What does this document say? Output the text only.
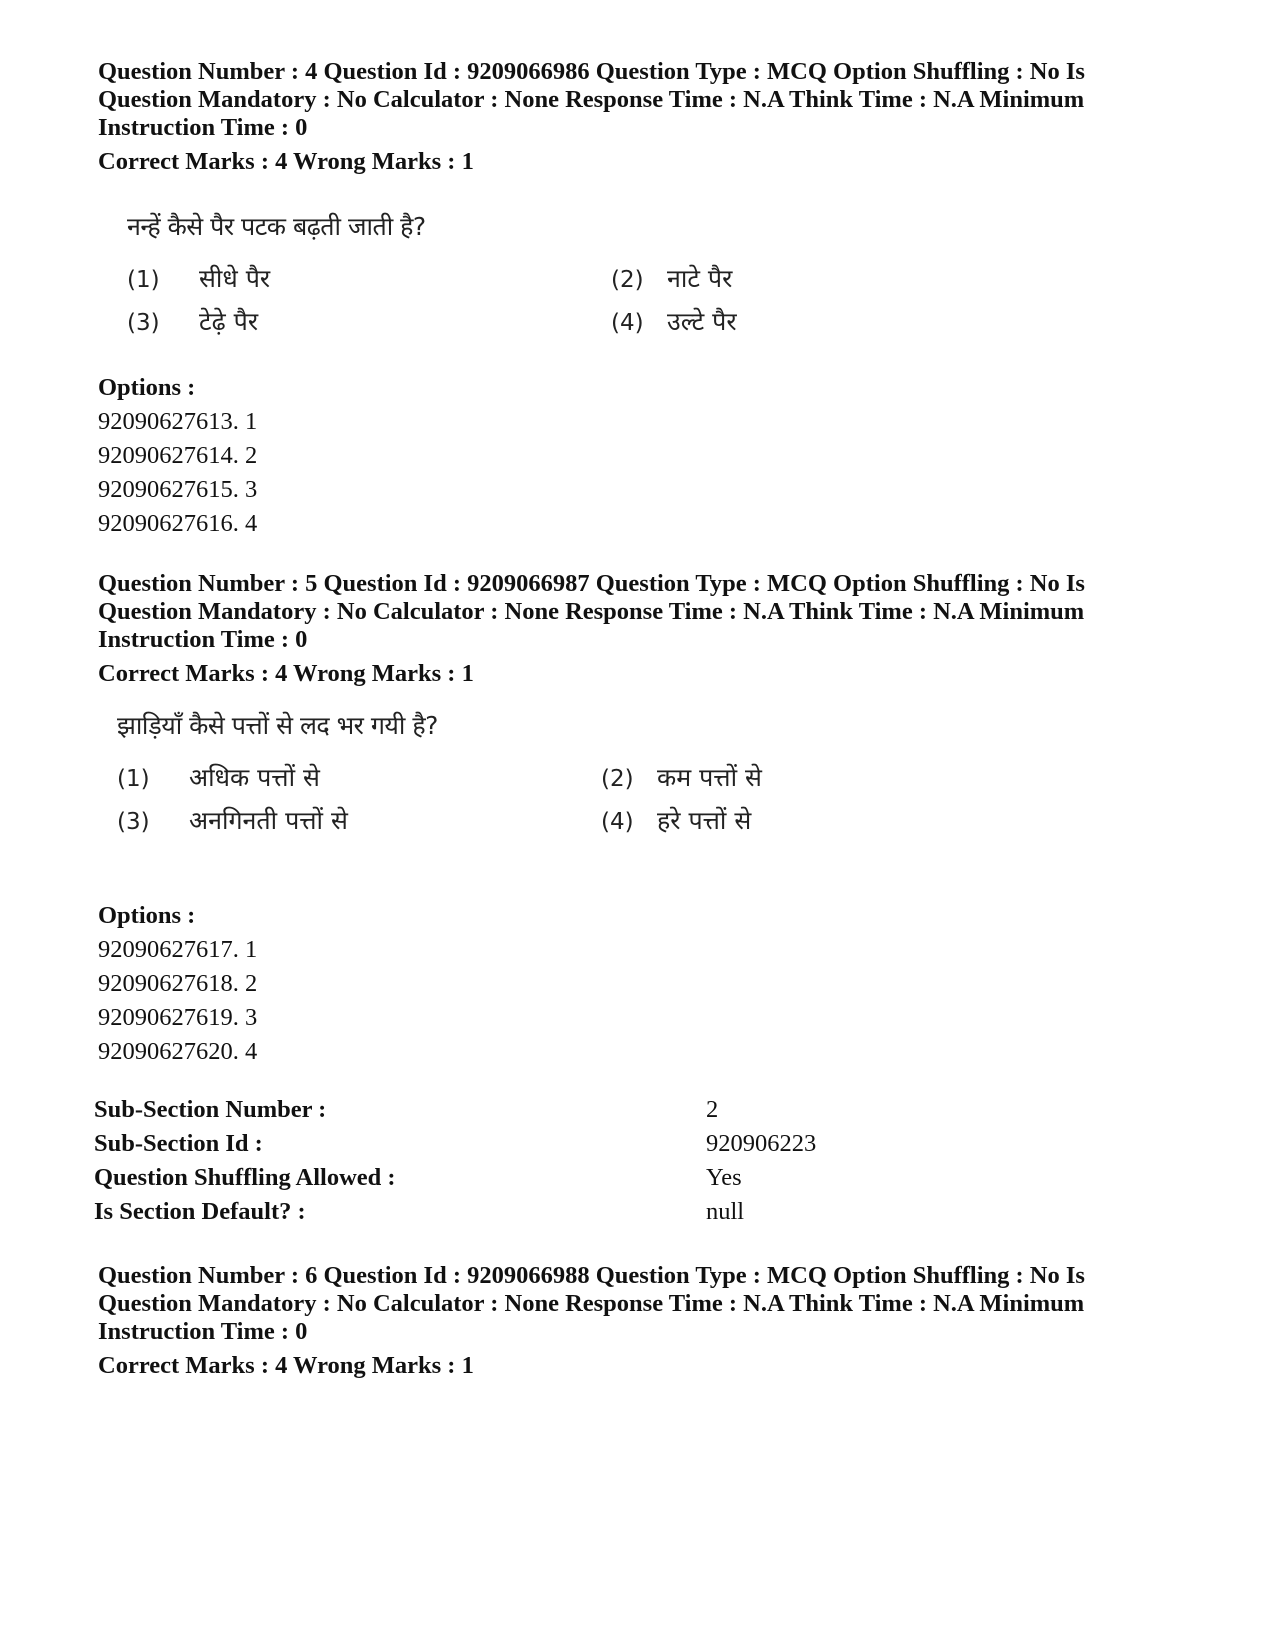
Question Number : 4 Question Id : 9209066986 Question Type : MCQ Option Shuffling : No Is
Question Mandatory : No Calculator : None Response Time : N.A Think Time : N.A Minimum
Instruction Time : 0
Correct Marks : 4 Wrong Marks : 1
नन्हें कैसे पैर पटक बढ़ती जाती है?
(1) सीधे पैर	(2) नाटे पैर
(3) टेढ़े पैर	(4) उल्टे पैर
Options :
92090627613. 1
92090627614. 2
92090627615. 3
92090627616. 4
Question Number : 5 Question Id : 9209066987 Question Type : MCQ Option Shuffling : No Is
Question Mandatory : No Calculator : None Response Time : N.A Think Time : N.A Minimum
Instruction Time : 0
Correct Marks : 4 Wrong Marks : 1
झाड़ियाँ कैसे पत्तों से लद भर गयी है?
(1) अधिक पत्तों से	(2) कम पत्तों से
(3) अनगिनती पत्तों से	(4) हरे पत्तों से
Options :
92090627617. 1
92090627618. 2
92090627619. 3
92090627620. 4
Sub-Section Number :	2
Sub-Section Id :	920906223
Question Shuffling Allowed :	Yes
Is Section Default? :	null
Question Number : 6 Question Id : 9209066988 Question Type : MCQ Option Shuffling : No Is
Question Mandatory : No Calculator : None Response Time : N.A Think Time : N.A Minimum
Instruction Time : 0
Correct Marks : 4 Wrong Marks : 1
